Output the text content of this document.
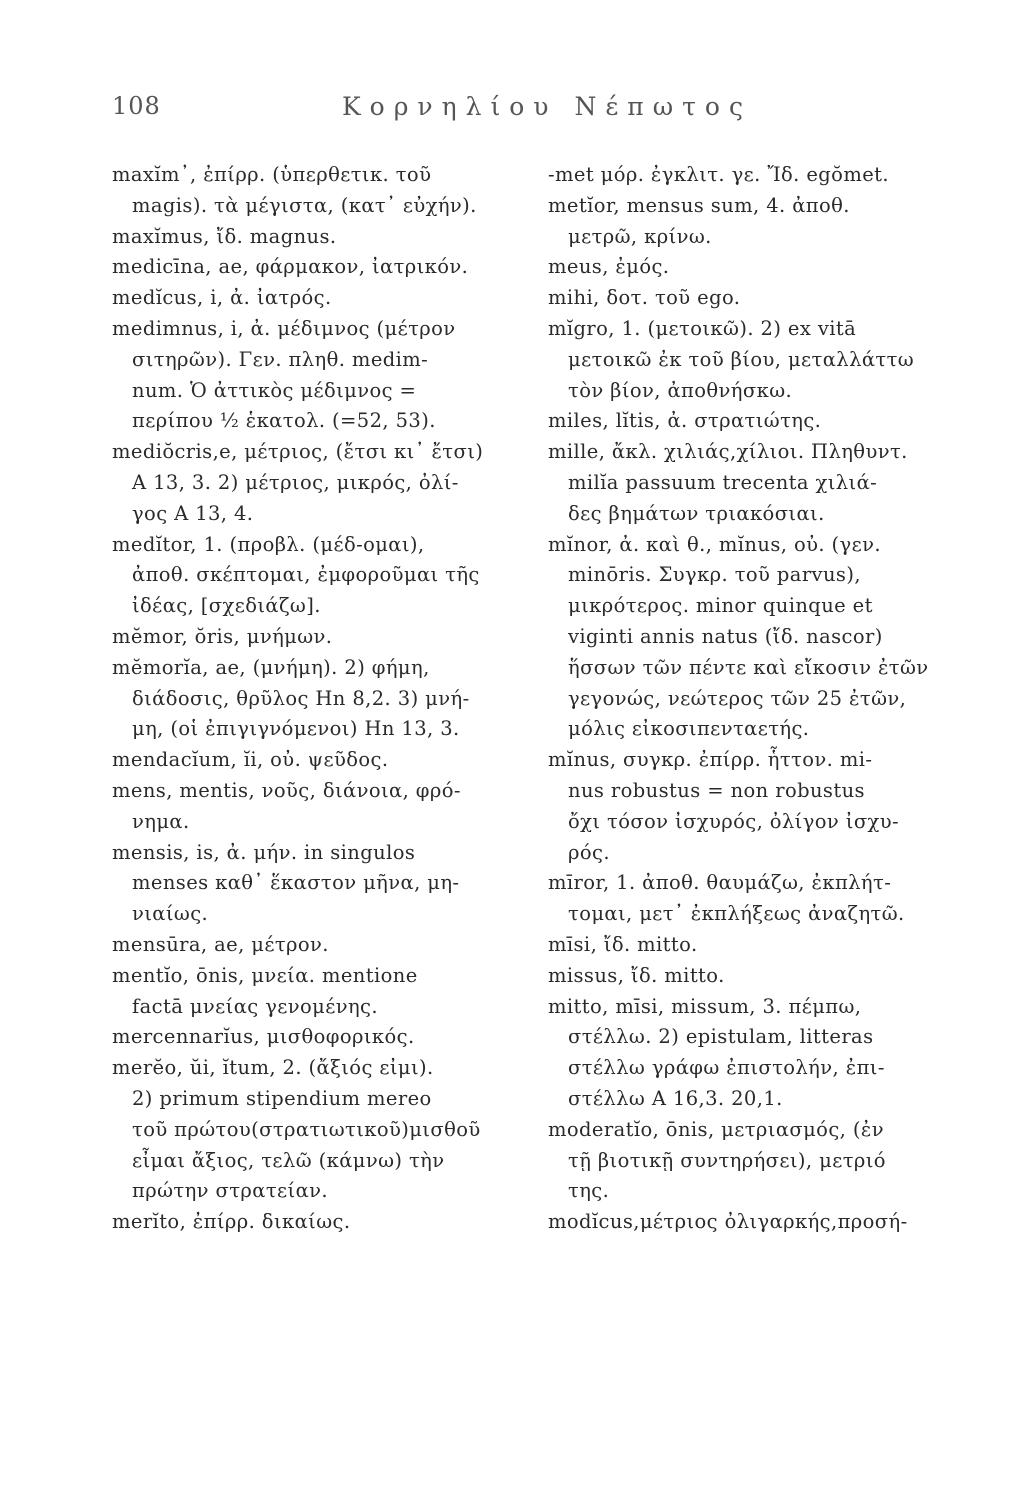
108	Κορνηλίου Νέπωτος
maxĭm᾽, ἐπίρρ. (ὑπερθετικ. τοῦ
magis). τὰ μέγιστα, (κατ᾽ εὐχήν).
maxĭmus, ἴδ. magnus.
medicīna, ae, φάρμακον, ἰατρικόν.
medĭcus, i, ἀ. ἰατρός.
medimnus, i, ἀ. μέδιμνος (μέτρον
σιτηρῶν). Γεν. πληθ. medim-
num. Ὁ ἀττικὸς μέδιμνος =
περίπου ½ ἑκατολ. (=52, 53).
mediŏcris,e, μέτριος, (ἔτσι κι᾽ ἔτσι)
A 13, 3. 2) μέτριος, μικρός, ὀλί-
γος A 13, 4.
medĭtor, 1. (προβλ. (μέδ-ομαι),
ἀποθ. σκέπτομαι, ἐμφοροῦμαι τῆς
ἰδέας, [σχεδιάζω].
mĕmor, ŏris, μνήμων.
mĕmorĭa, ae, (μνήμη). 2) φήμη,
διάδοσις, θρῦλος Hn 8,2. 3) μνή-
μη, (οἱ ἐπιγιγνόμενοι) Hn 13, 3.
mendacĭum, ĭi, οὐ. ψεῦδος.
mens, mentis, νοῦς, διάνοια, φρό-
νημα.
mensis, is, ἀ. μήν. in singulos
menses καθ᾽ ἕκαστον μῆνα, μη-
νιαίως.
mensūra, ae, μέτρον.
mentĭo, ōnis, μνεία. mentione
factā μνείας γενομένης.
mercennarĭus, μισθοφορικός.
merĕo, ŭi, ĭtum, 2. (ἄξιός εἰμι).
2) primum stipendium mereo
τοῦ πρώτου(στρατιωτικοῦ)μισθοῦ
εἶμαι ἄξιος, τελῶ (κάμνω) τὴν
πρώτην στρατείαν.
merĭto, ἐπίρρ. δικαίως.
-met μόρ. ἐγκλιτ. γε. Ἴδ. egŏmet.
metĭor, mensus sum, 4. ἀποθ.
μετρῶ, κρίνω.
meus, ἐμός.
mihi, δοτ. τοῦ ego.
mĭgro, 1. (μετοικῶ). 2) ex vitā
μετοικῶ ἐκ τοῦ βίου, μεταλλάττω
τὸν βίον, ἀποθνήσκω.
miles, lĭtis, ἀ. στρατιώτης.
mille, ἄκλ. χιλιάς,χίλιοι. Πληθυντ.
milĭa passuum trecenta χιλιά-
δες βημάτων τριακόσιαι.
mĭnor, ἀ. καὶ θ., mĭnus, οὐ. (γεν.
minōris. Συγκρ. τοῦ parvus),
μικρότερος. minor quinque et
viginti annis natus (ἴδ. nascor)
ἥσσων τῶν πέντε καὶ εἴκοσιν ἐτῶν
γεγονώς, νεώτερος τῶν 25 ἐτῶν,
μόλις εἰκοσιπενταετής.
mĭnus, συγκρ. ἐπίρρ. ἧττον. mi-
nus robustus = non robustus
ὄχι τόσον ἰσχυρός, ὀλίγον ἰσχυ-
ρός.
mīror, 1. ἀποθ. θαυμάζω, ἐκπλήτ-
τομαι, μετ᾽ ἐκπλήξεως ἀναζητῶ.
mīsi, ἴδ. mitto.
missus, ἴδ. mitto.
mitto, mīsi, missum, 3. πέμπω,
στέλλω. 2) epistulam, litteras
στέλλω γράφω ἐπιστολήν, ἐπι-
στέλλω A 16,3. 20,1.
moderatĭo, ōnis, μετριασμός, (ἐν
τῇ βιοτικῇ συντηρήσει), μετριό
της.
modĭcus,μέτριος ὀλιγαρκής,προσή-
